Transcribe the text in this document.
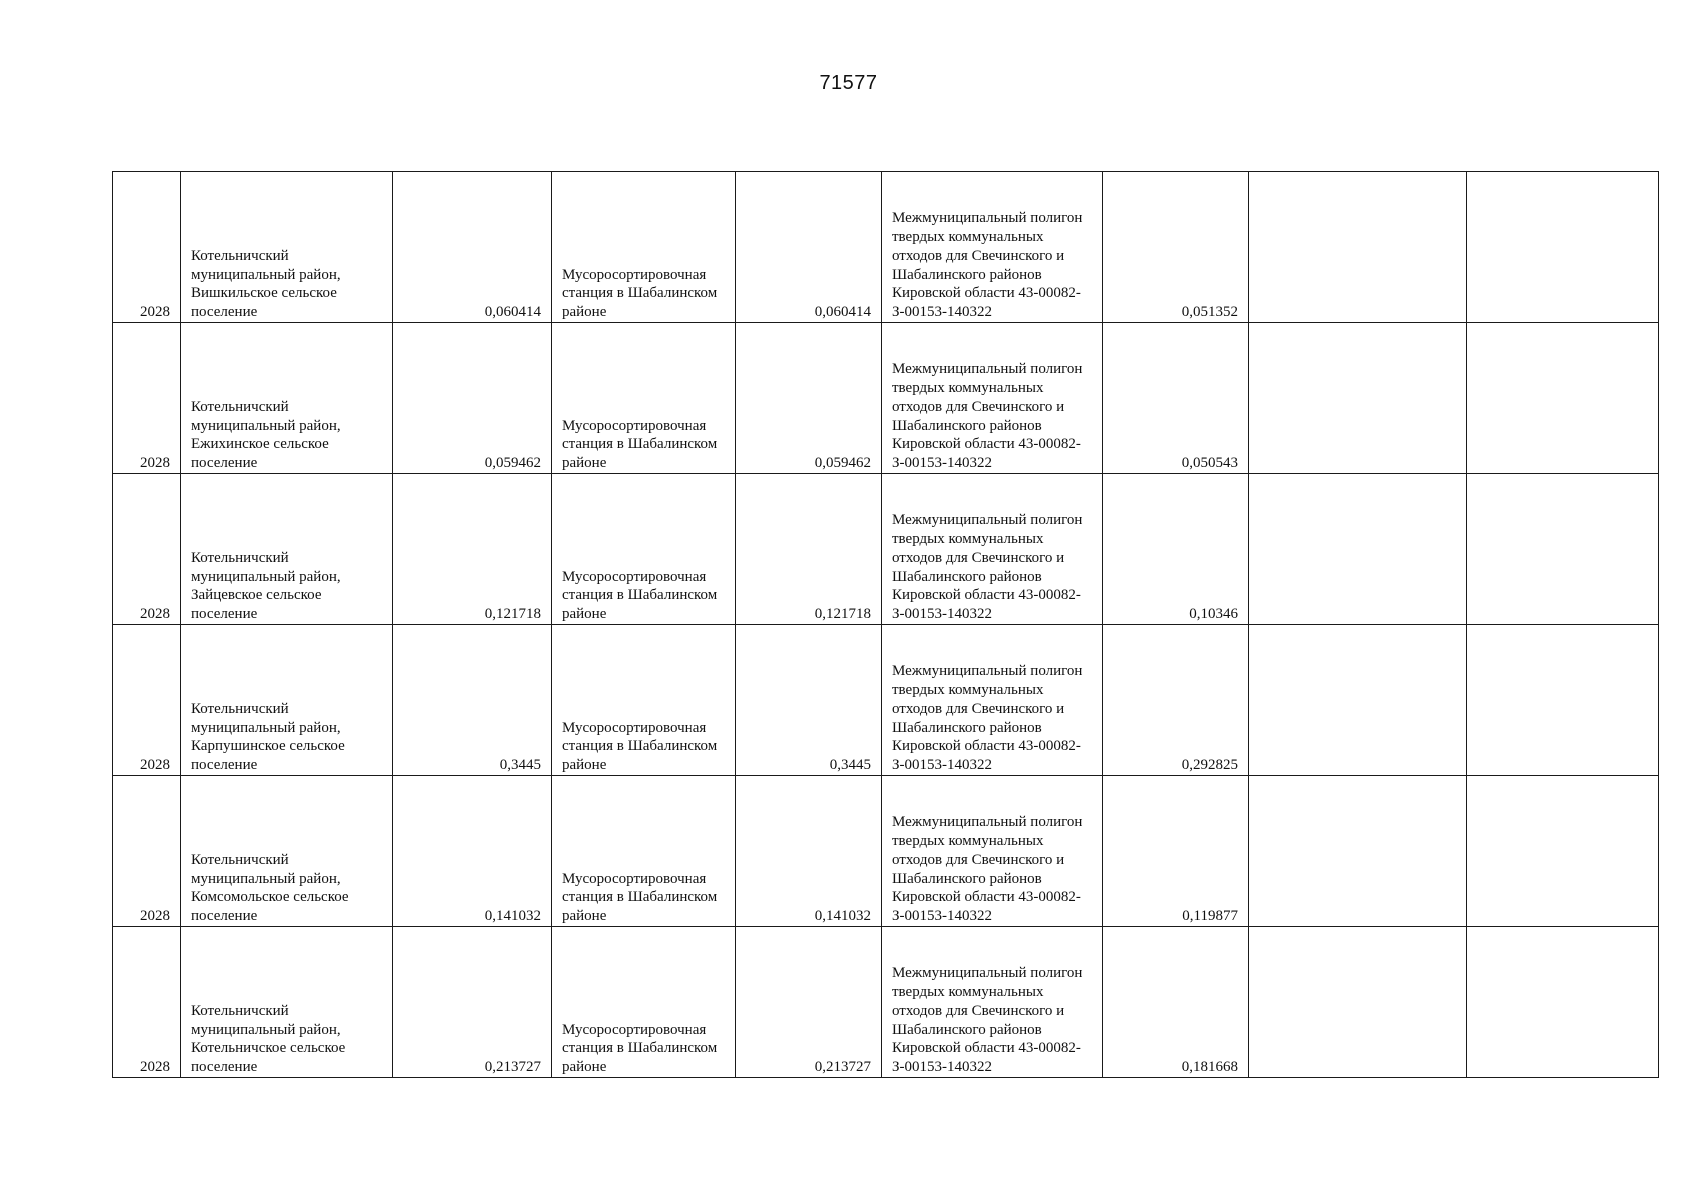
71577
2028	Котельничский муниципальный район, Вишкильское сельское поселение	0,060414	Мусоросортировочная станция в Шабалинском районе	0,060414	Межмуниципальный полигон твердых коммунальных отходов для Свечинского и Шабалинского районов Кировской области 43-00082-З-00153-140322	0,051352		

2028	Котельничский муниципальный район, Ежихинское сельское поселение	0,059462	Мусоросортировочная станция в Шабалинском районе	0,059462	Межмуниципальный полигон твердых коммунальных отходов для Свечинского и Шабалинского районов Кировской области 43-00082-З-00153-140322	0,050543		

2028	Котельничский муниципальный район, Зайцевское сельское поселение	0,121718	Мусоросортировочная станция в Шабалинском районе	0,121718	Межмуниципальный полигон твердых коммунальных отходов для Свечинского и Шабалинского районов Кировской области 43-00082-З-00153-140322	0,10346		

2028	Котельничский муниципальный район, Карпушинское сельское поселение	0,3445	Мусоросортировочная станция в Шабалинском районе	0,3445	Межмуниципальный полигон твердых коммунальных отходов для Свечинского и Шабалинского районов Кировской области 43-00082-З-00153-140322	0,292825		

2028	Котельничский муниципальный район, Комсомольское сельское поселение	0,141032	Мусоросортировочная станция в Шабалинском районе	0,141032	Межмуниципальный полигон твердых коммунальных отходов для Свечинского и Шабалинского районов Кировской области 43-00082-З-00153-140322	0,119877		

2028	Котельничский муниципальный район, Котельничское сельское поселение	0,213727	Мусоросортировочная станция в Шабалинском районе	0,213727	Межмуниципальный полигон твердых коммунальных отходов для Свечинского и Шабалинского районов Кировской области 43-00082-З-00153-140322	0,181668		
